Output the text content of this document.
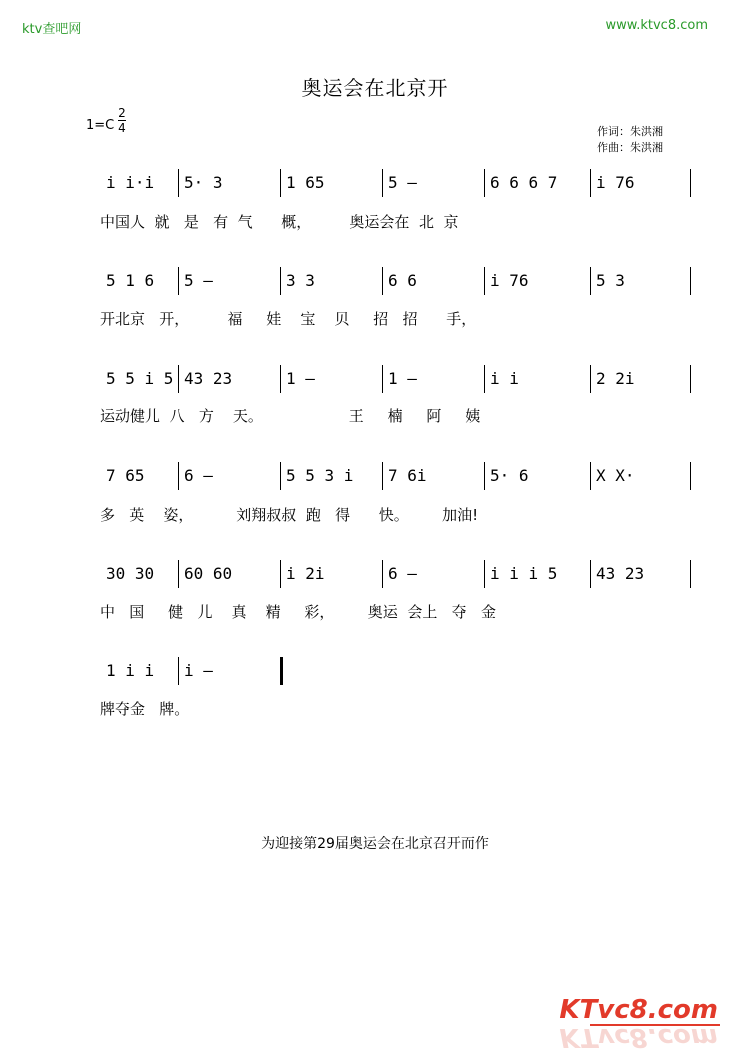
ktv查吧网	www.ktvc8.com
奥运会在北京开
1=C
2
4	作词：朱洪湘
作曲：朱洪湘
i i·i 5· 3	1 65	5 –	6 6 6 7 i 76
中国人  就   是   有  气      概，        奥运会在  北  京
5 1 6 5 –	3 3	6 6	i 76	5 3
开北京   开，        福     娃    宝    贝     招   招      手，
5 5 i 5 43 23	1 –	1 –	i i	2 2i
运动健儿  八   方    天。                  王     楠     阿     姨
7 65 6 –	5 5 3 i 7 6i	5· 6	X X·
多   英    姿，         刘翔叔叔  跑   得      快。       加油!
30 30 60 60	i 2i	6 –	i i i 5 43 23
中   国     健   儿    真    精     彩，       奥运  会上   夺   金
1 i i i –
牌夺金   牌。
为迎接第29届奥运会在北京召开而作
KTvc8.com
KTvc8.com
